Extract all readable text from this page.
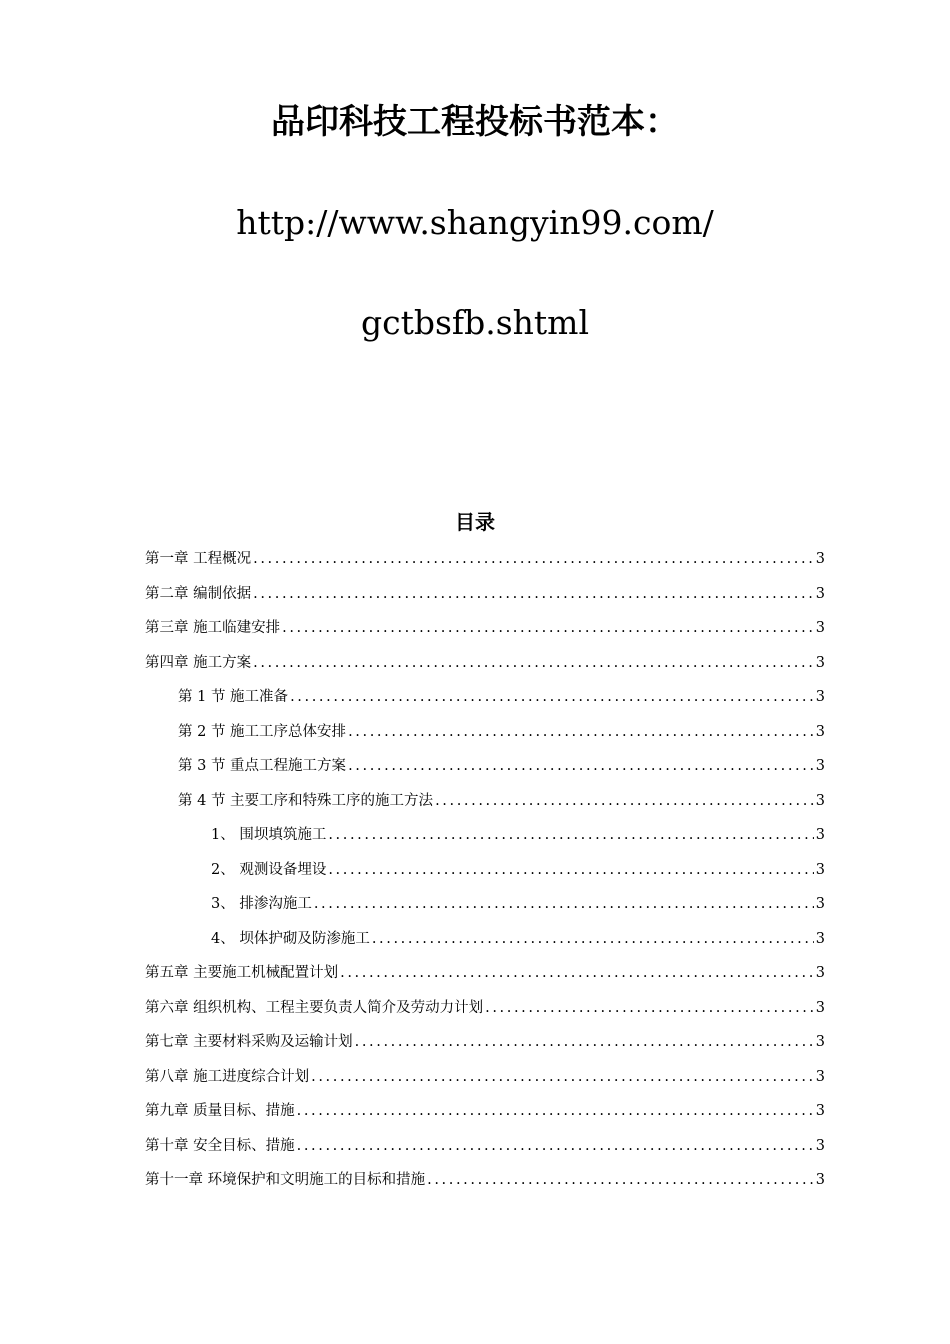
品印科技工程投标书范本：
http://www.shangyin99.com/
gctbsfb.shtml
目录
第一章 工程概况 .....	3
第二章 编制依据 .....	3
第三章 施工临建安排 .....	3
第四章 施工方案 .....	3
第 1 节 施工准备 .....	3
第 2 节 施工工序总体安排 .....	3
第 3 节 重点工程施工方案 .....	3
第 4 节 主要工序和特殊工序的施工方法 .....	3
1、 围坝填筑施工 .....	3
2、 观测设备埋设 .....	3
3、 排渗沟施工 .....	3
4、 坝体护砌及防渗施工 .....	3
第五章 主要施工机械配置计划 .....	3
第六章 组织机构、工程主要负责人简介及劳动力计划 .....	3
第七章 主要材料采购及运输计划 .....	3
第八章 施工进度综合计划 .....	3
第九章 质量目标、措施 .....	3
第十章 安全目标、措施 .....	3
第十一章 环境保护和文明施工的目标和措施 .....	3
